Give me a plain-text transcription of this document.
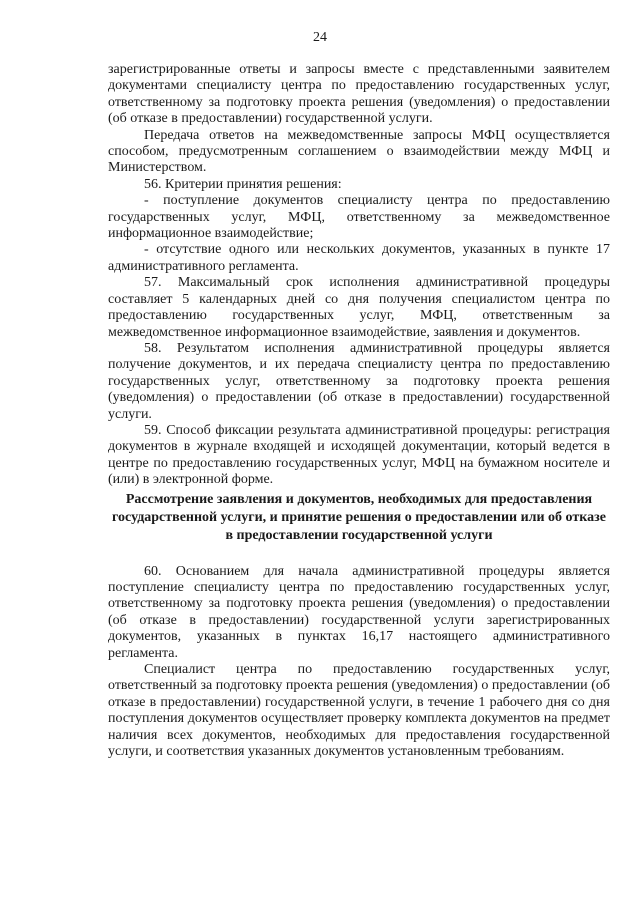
24

зарегистрированные ответы и запросы вместе с представленными заявителем документами специалисту центра по предоставлению государственных услуг, ответственному за подготовку проекта решения (уведомления) о предоставлении (об отказе в предоставлении) государственной услуги.

Передача ответов на межведомственные запросы МФЦ осуществляется способом, предусмотренным соглашением о взаимодействии между МФЦ и Министерством.

56. Критерии принятия решения:

- поступление документов специалисту центра по предоставлению государственных услуг, МФЦ, ответственному за межведомственное информационное взаимодействие;

- отсутствие одного или нескольких документов, указанных в пункте 17 административного регламента.

57. Максимальный срок исполнения административной процедуры составляет 5 календарных дней со дня получения специалистом центра по предоставлению государственных услуг, МФЦ, ответственным за межведомственное информационное взаимодействие, заявления и документов.

58. Результатом исполнения административной процедуры является получение документов, и их передача специалисту центра по предоставлению государственных услуг, ответственному за подготовку проекта решения (уведомления) о предоставлении (об отказе в предоставлении) государственной услуги.

59. Способ фиксации результата административной процедуры: регистрация документов в журнале входящей и исходящей документации, который ведется в центре по предоставлению государственных услуг, МФЦ на бумажном носителе и (или) в электронной форме.

Рассмотрение заявления и документов, необходимых для предоставления государственной услуги, и принятие решения о предоставлении или об отказе в предоставлении государственной услуги

60. Основанием для начала административной процедуры является поступление специалисту центра по предоставлению государственных услуг, ответственному за подготовку проекта решения (уведомления) о предоставлении (об отказе в предоставлении) государственной услуги зарегистрированных документов, указанных в пунктах 16,17 настоящего административного регламента.

Специалист центра по предоставлению государственных услуг, ответственный за подготовку проекта решения (уведомления) о предоставлении (об отказе в предоставлении) государственной услуги, в течение 1 рабочего дня со дня поступления документов осуществляет проверку комплекта документов на предмет наличия всех документов, необходимых для предоставления государственной услуги, и соответствия указанных документов установленным требованиям.
